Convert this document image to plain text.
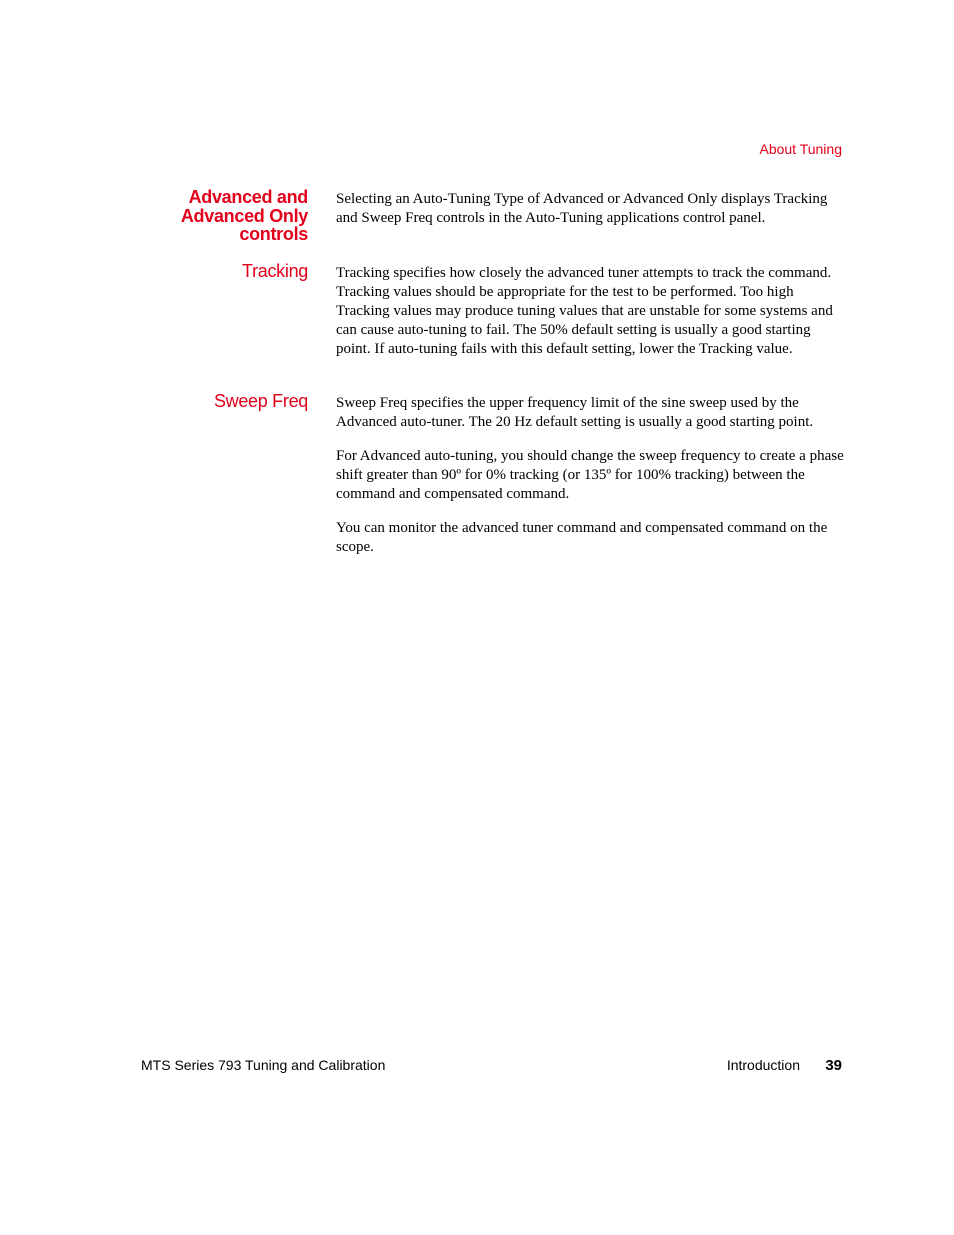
About Tuning
Advanced and
Advanced Only
controls

Selecting an Auto-Tuning Type of Advanced or Advanced Only displays Tracking and Sweep Freq controls in the Auto-Tuning applications control panel.

Tracking Tracking specifies how closely the advanced tuner attempts to track the command. Tracking values should be appropriate for the test to be performed. Too high Tracking values may produce tuning values that are unstable for some systems and can cause auto-tuning to fail. The 50% default setting is usually a good starting point. If auto-tuning fails with this default setting, lower the Tracking value.

Sweep Freq Sweep Freq specifies the upper frequency limit of the sine sweep used by the Advanced auto-tuner. The 20 Hz default setting is usually a good starting point.

For Advanced auto-tuning, you should change the sweep frequency to create a phase shift greater than 90º for 0% tracking (or 135º for 100% tracking) between the command and compensated command.

You can monitor the advanced tuner command and compensated command on the scope.

MTS Series 793 Tuning and Calibration	Introduction 39
